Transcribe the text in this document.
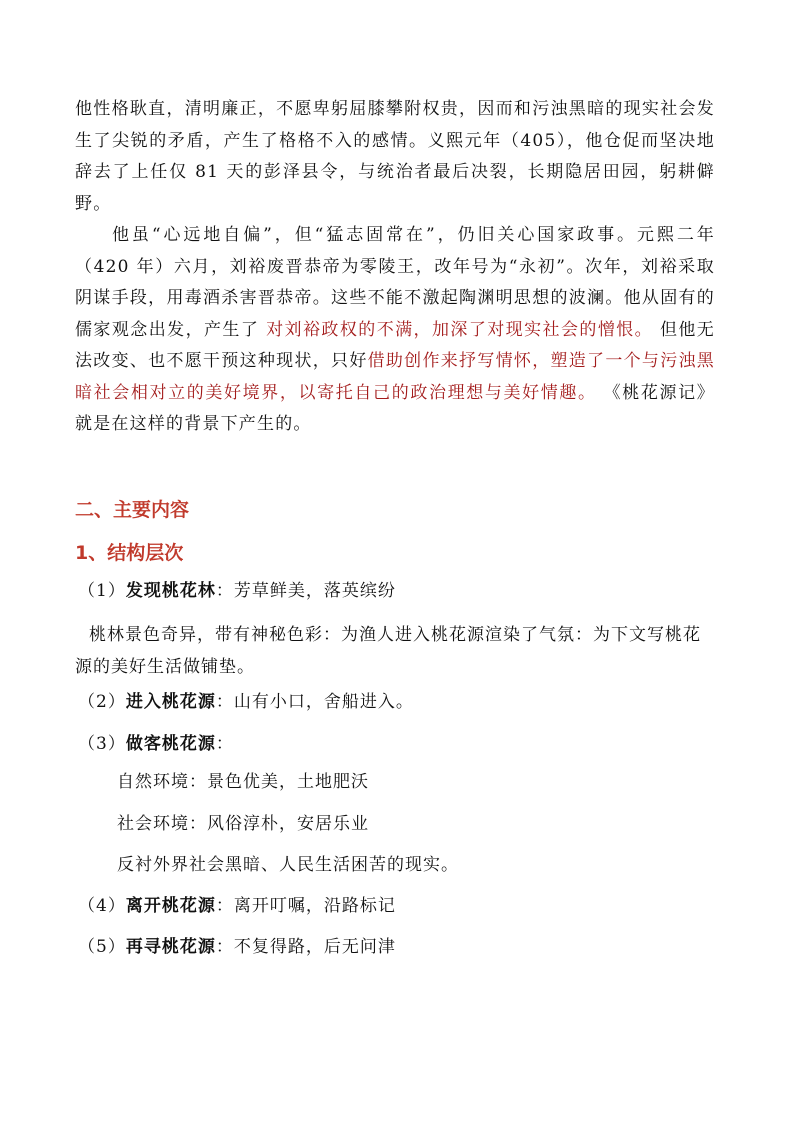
他性格耿直，清明廉正，不愿卑躬屈膝攀附权贵，因而和污浊黑暗的现实社会发生了尖锐的矛盾，产生了格格不入的感情。义熙元年（405），他仓促而坚决地辞去了上任仅 81 天的彭泽县令，与统治者最后决裂，长期隐居田园，躬耕僻野。

他虽“心远地自偏”，但“猛志固常在”，仍旧关心国家政事。元熙二年（420 年）六月，刘裕废晋恭帝为零陵王，改年号为“永初”。次年，刘裕采取阴谋手段，用毒酒杀害晋恭帝。这些不能不激起陶渊明思想的波澜。他从固有的儒家观念出发，产生了 对刘裕政权的不满，加深了对现实社会的憎恨。 但他无法改变、也不愿干预这种现状，只好借助创作来抒写情怀，塑造了一个与污浊黑暗社会相对立的美好境界，以寄托自己的政治理想与美好情趣。 《桃花源记》就是在这样的背景下产生的。

二、主要内容
1、结构层次

（1）发现桃花林：芳草鲜美，落英缤纷

桃林景色奇异，带有神秘色彩：为渔人进入桃花源渲染了气氛：为下文写桃花源的美好生活做铺垫。

（2）进入桃花源：山有小口，舍船进入。

（3）做客桃花源：

自然环境：景色优美，土地肥沃

社会环境：风俗淳朴，安居乐业

反衬外界社会黑暗、人民生活困苦的现实。

（4）离开桃花源：离开叮嘱，沿路标记

（5）再寻桃花源：不复得路，后无问津
